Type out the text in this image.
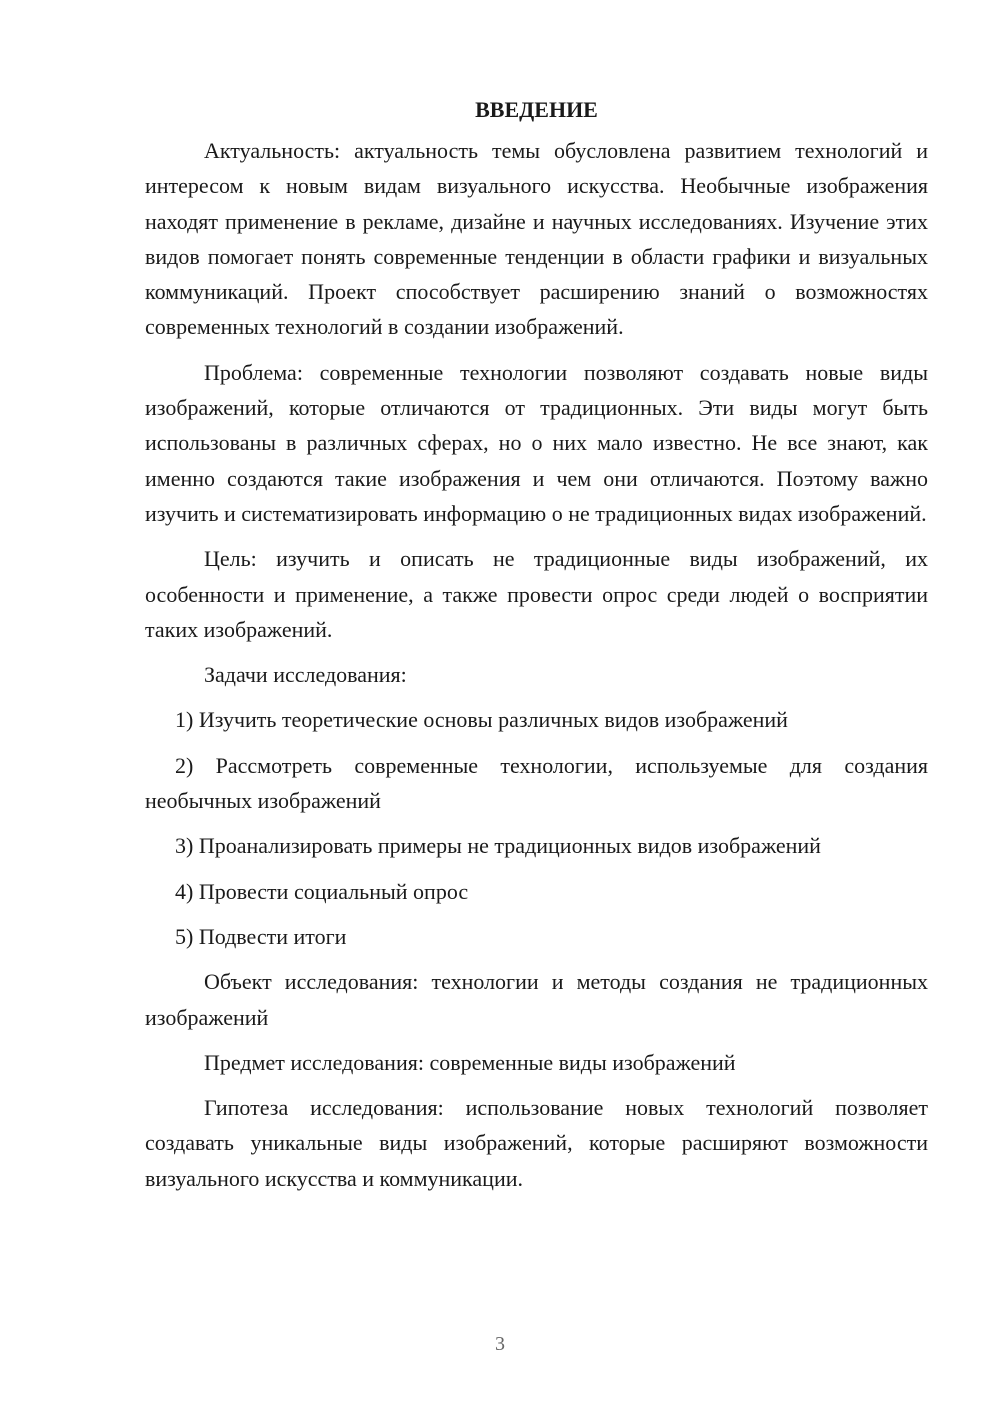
ВВЕДЕНИЕ

Актуальность: актуальность темы обусловлена развитием технологий и интересом к новым видам визуального искусства. Необычные изображения находят применение в рекламе, дизайне и научных исследованиях. Изучение этих видов помогает понять современные тенденции в области графики и визуальных коммуникаций. Проект способствует расширению знаний о возможностях современных технологий в создании изображений.

Проблема: современные технологии позволяют создавать новые виды изображений, которые отличаются от традиционных. Эти виды могут быть использованы в различных сферах, но о них мало известно. Не все знают, как именно создаются такие изображения и чем они отличаются. Поэтому важно изучить и систематизировать информацию о не традиционных видах изображений.

Цель: изучить и описать не традиционные виды изображений, их особенности и применение, а также провести опрос среди людей о восприятии таких изображений.

Задачи исследования:

1) Изучить теоретические основы различных видов изображений

2) Рассмотреть современные технологии, используемые для создания необычных изображений

3) Проанализировать примеры не традиционных видов изображений

4) Провести социальный опрос

5) Подвести итоги

Объект исследования: технологии и методы создания не традиционных изображений

Предмет исследования: современные виды изображений

Гипотеза исследования: использование новых технологий позволяет создавать уникальные виды изображений, которые расширяют возможности визуального искусства и коммуникации.

3
